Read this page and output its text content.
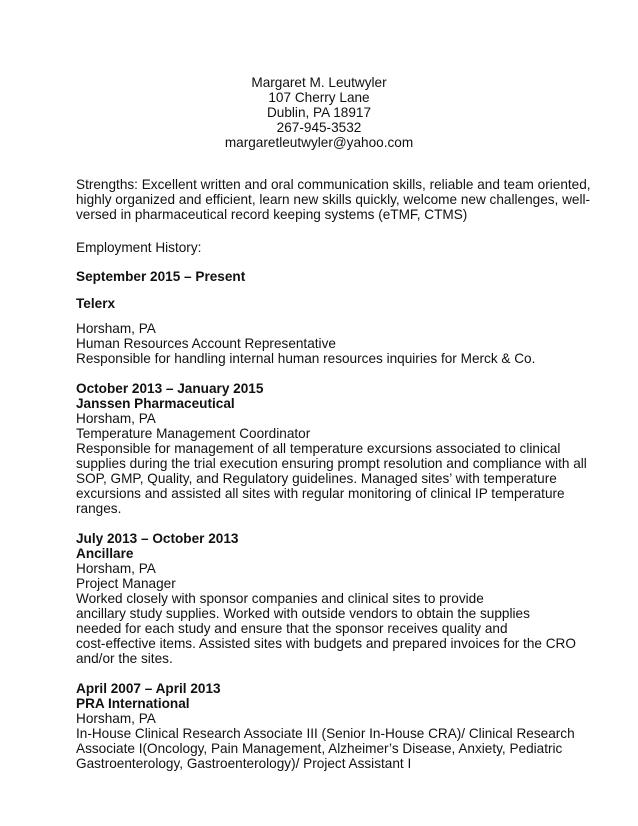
Margaret M. Leutwyler
107 Cherry Lane
Dublin, PA 18917
267-945-3532
margaretleutwyler@yahoo.com
Strengths: Excellent written and oral communication skills, reliable and team oriented,
highly organized and efficient, learn new skills quickly, welcome new challenges, well-
versed in pharmaceutical record keeping systems (eTMF, CTMS)
Employment History:
September 2015 – Present
Telerx
Horsham, PA
Human Resources Account Representative
Responsible for handling internal human resources inquiries for Merck & Co.
October 2013 – January 2015
Janssen Pharmaceutical
Horsham, PA
Temperature Management Coordinator
Responsible for management of all temperature excursions associated to clinical
supplies during the trial execution ensuring prompt resolution and compliance with all
SOP, GMP, Quality, and Regulatory guidelines. Managed sites’ with temperature
excursions and assisted all sites with regular monitoring of clinical IP temperature
ranges.
July 2013 – October 2013
Ancillare
Horsham, PA
Project Manager
Worked closely with sponsor companies and clinical sites to provide
ancillary study supplies. Worked with outside vendors to obtain the supplies
needed for each study and ensure that the sponsor receives quality and
cost-effective items. Assisted sites with budgets and prepared invoices for the CRO
and/or the sites.
April 2007 – April 2013
PRA International
Horsham, PA
In-House Clinical Research Associate III (Senior In-House CRA)/ Clinical Research
Associate I(Oncology, Pain Management, Alzheimer’s Disease, Anxiety, Pediatric
Gastroenterology, Gastroenterology)/ Project Assistant I
